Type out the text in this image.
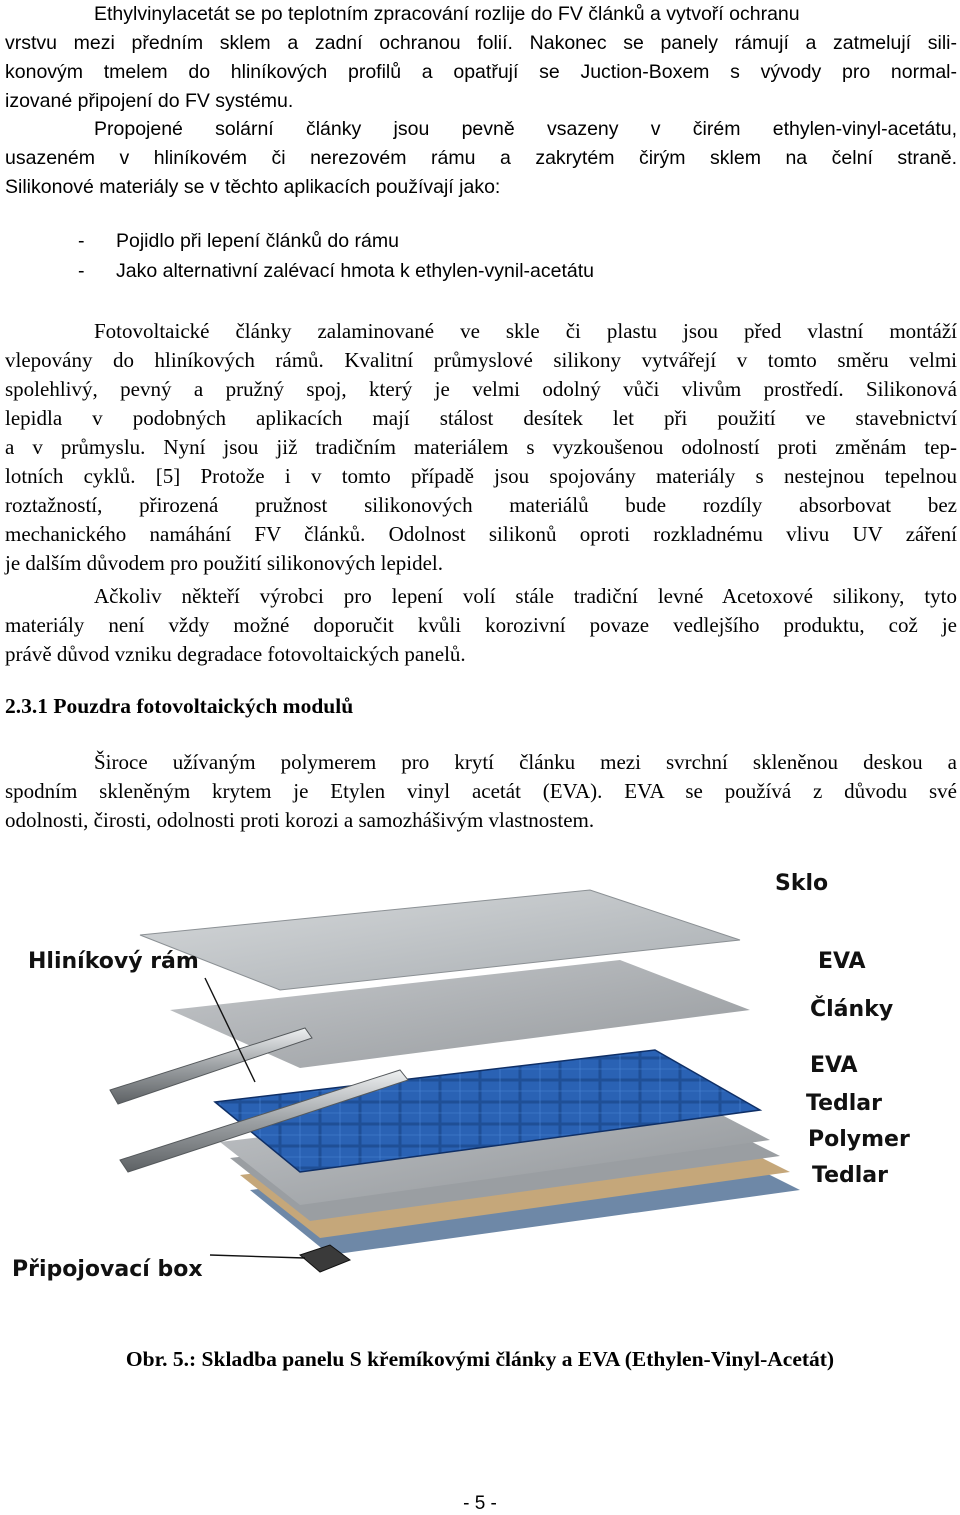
Ethylvinylacetát se po teplotním zpracování rozlije do FV článků a vytvoří ochranu
vrstvu mezi předním sklem a zadní ochranou folií. Nakonec se panely rámují a zatmelují sili-
konovým tmelem do hliníkových profilů a opatřují se Juction-Boxem s vývody pro normal-
izované připojení do FV systému.
Propojené solární články jsou pevně vsazeny v čirém ethylen-vinyl-acetátu,
usazeném v hliníkovém či nerezovém rámu a zakrytém čirým sklem na čelní straně.
Silikonové materiály se v těchto aplikacích používají jako:
- Pojidlo při lepení článků do rámu
- Jako alternativní zalévací hmota k ethylen-vynil-acetátu
Fotovoltaické články zalaminované ve skle či plastu jsou před vlastní montáží
vlepovány do hliníkových rámů. Kvalitní průmyslové silikony vytvářejí v tomto směru velmi
spolehlivý, pevný a pružný spoj, který je velmi odolný vůči vlivům prostředí. Silikonová
lepidla v podobných aplikacích mají stálost desítek let při použití ve stavebnictví
a v průmyslu. Nyní jsou již tradičním materiálem s vyzkoušenou odolností proti změnám tep-
lotních cyklů. [5] Protože i v tomto případě jsou spojovány materiály s nestejnou tepelnou
roztažností, přirozená pružnost silikonových materiálů bude rozdíly absorbovat bez
mechanického namáhání FV článků. Odolnost silikonů oproti rozkladnému vlivu UV záření
je dalším důvodem pro použití silikonových lepidel.
Ačkoliv někteří výrobci pro lepení volí stále tradiční levné Acetoxové silikony, tyto
materiály není vždy možné doporučit kvůli korozivní povaze vedlejšího produktu, což je
právě důvod vzniku degradace fotovoltaických panelů.
2.3.1 Pouzdra fotovoltaických modulů
Široce užívaným polymerem pro krytí článku mezi svrchní skleněnou deskou a
spodním skleněným krytem je Etylen vinyl acetát (EVA). EVA se používá z důvodu své
odolnosti, čirosti, odolnosti proti korozi a samozhášivým vlastnostem.
Sklo
Hliníkový rám	EVA
Články
EVA
Tedlar
Polymer
Tedlar
Připojovací box
Obr. 5.: Skladba panelu S křemíkovými články a EVA (Ethylen-Vinyl-Acetát)
- 5 -
